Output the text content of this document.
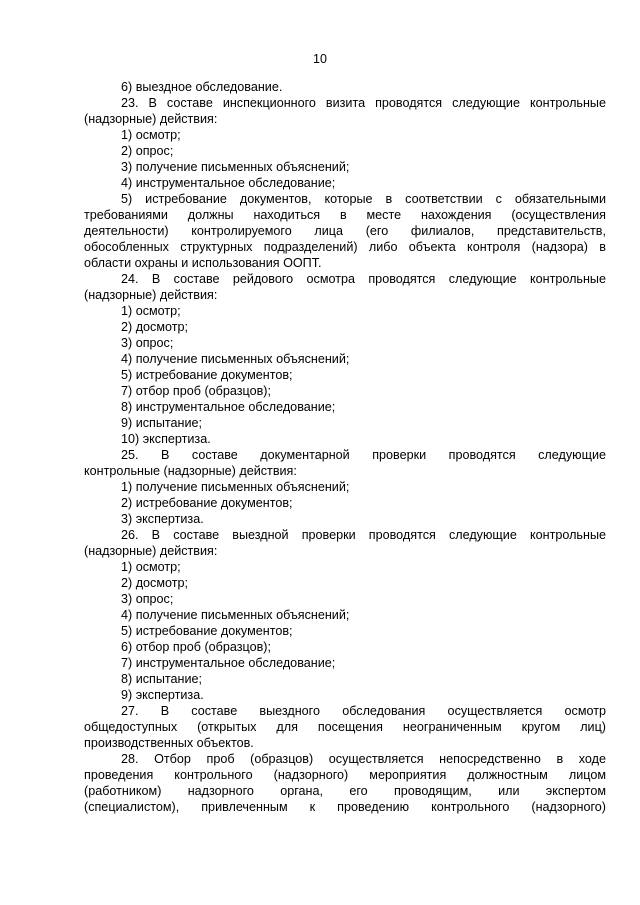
10
6) выездное обследование.
23. В составе инспекционного визита проводятся следующие контрольные
(надзорные) действия:
1) осмотр;
2) опрос;
3) получение письменных объяснений;
4) инструментальное обследование;
5) истребование документов, которые в соответствии с обязательными
требованиями должны находиться в месте нахождения (осуществления
деятельности) контролируемого лица (его филиалов, представительств,
обособленных структурных подразделений) либо объекта контроля (надзора) в
области охраны и использования ООПТ.
24. В составе рейдового осмотра проводятся следующие контрольные
(надзорные) действия:
1) осмотр;
2) досмотр;
3) опрос;
4) получение письменных объяснений;
5) истребование документов;
7) отбор проб (образцов);
8) инструментальное обследование;
9) испытание;
10) экспертиза.
25. В составе документарной проверки проводятся следующие
контрольные (надзорные) действия:
1) получение письменных объяснений;
2) истребование документов;
3) экспертиза.
26. В составе выездной проверки проводятся следующие контрольные
(надзорные) действия:
1) осмотр;
2) досмотр;
3) опрос;
4) получение письменных объяснений;
5) истребование документов;
6) отбор проб (образцов);
7) инструментальное обследование;
8) испытание;
9) экспертиза.
27. В составе выездного обследования осуществляется осмотр
общедоступных (открытых для посещения неограниченным кругом лиц)
производственных объектов.
28. Отбор проб (образцов) осуществляется непосредственно в ходе
проведения контрольного (надзорного) мероприятия должностным лицом
(работником) надзорного органа, его проводящим, или экспертом
(специалистом), привлеченным к проведению контрольного (надзорного)
